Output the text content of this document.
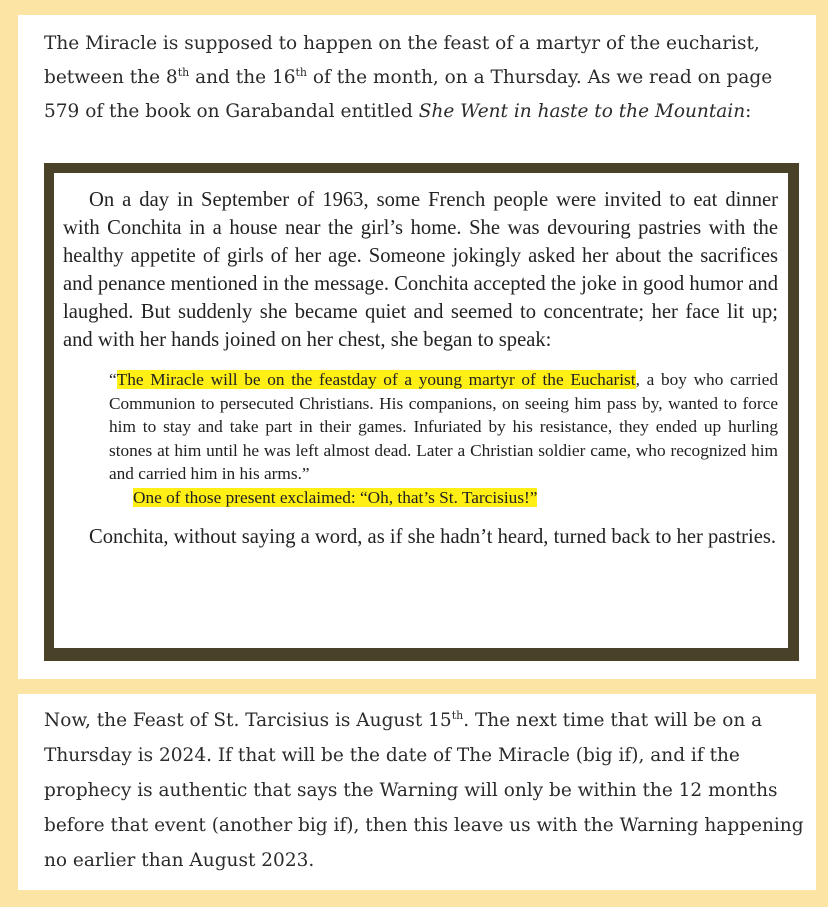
The Miracle is supposed to happen on the feast of a martyr of the eucharist, between the 8th and the 16th of the month, on a Thursday. As we read on page 579 of the book on Garabandal entitled She Went in haste to the Mountain:

On a day in September of 1963, some French people were invited to eat dinner with Conchita in a house near the girl’s home. She was devouring pastries with the healthy appetite of girls of her age. Someone jokingly asked her about the sacrifices and penance mentioned in the message. Conchita accepted the joke in good humor and laughed. But suddenly she became quiet and seemed to concentrate; her face lit up; and with her hands joined on her chest, she began to speak:

“The Miracle will be on the feastday of a young martyr of the Eucharist, a boy who carried Communion to persecuted Christians. His companions, on seeing him pass by, wanted to force him to stay and take part in their games. Infuriated by his resistance, they ended up hurling stones at him until he was left almost dead. Later a Christian soldier came, who recognized him and carried him in his arms.”

One of those present exclaimed: “Oh, that’s St. Tarcisius!”

Conchita, without saying a word, as if she hadn’t heard, turned back to her pastries.

Now, the Feast of St. Tarcisius is August 15th. The next time that will be on a Thursday is 2024. If that will be the date of The Miracle (big if), and if the prophecy is authentic that says the Warning will only be within the 12 months before that event (another big if), then this leave us with the Warning happening no earlier than August 2023.
